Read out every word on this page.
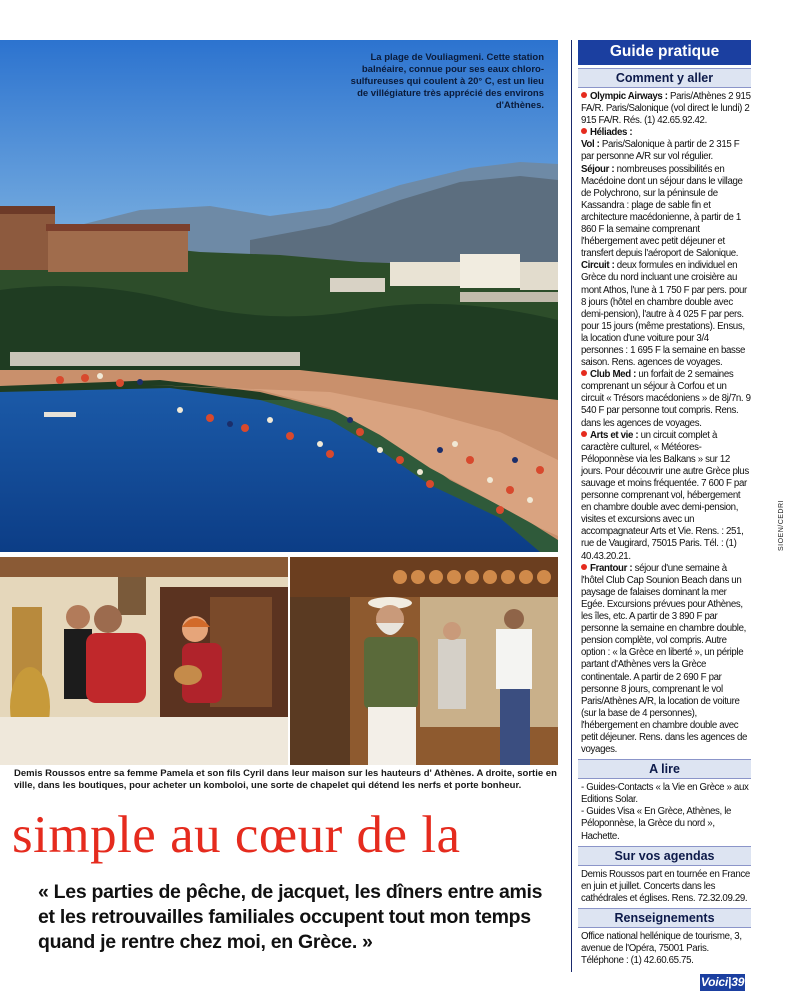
La plage de Vouliagmeni. Cette station balnéaire, connue pour ses eaux chloro-sulfureuses qui coulent à 20° C, est un lieu de villégiature très apprécié des environs d'Athènes.
SIOEN/CEDRI
Demis Roussos entre sa femme Pamela et son fils Cyril dans leur maison sur les hauteurs d' Athènes. A droite, sortie en ville, dans les boutiques, pour acheter un komboloi, une sorte de chapelet qui détend les nerfs et porte bonheur.
simple au cœur de la
« Les parties de pêche, de jacquet, les dîners entre amis et les retrouvailles familiales occupent tout mon temps quand je rentre chez moi, en Grèce. »
Guide pratique
Comment y aller

Olympic Airways : Paris/Athènes 2 915 FA/R. Paris/Salonique (vol direct le lundi) 2 915 FA/R. Rés. (1) 42.65.92.42.

Héliades :

Vol : Paris/Salonique à partir de 2 315 F par personne A/R sur vol régulier.

Séjour : nombreuses possibilités en Macédoine dont un séjour dans le village de Polychrono, sur la péninsule de Kassandra : plage de sable fin et architecture macédonienne, à partir de 1 860 F la semaine comprenant l'hébergement avec petit déjeuner et transfert depuis l'aéroport de Salonique.

Circuit : deux formules en individuel en Grèce du nord incluant une croisière au mont Athos, l'une à 1 750 F par pers. pour 8 jours (hôtel en chambre double avec demi-pension), l'autre à 4 025 F par pers. pour 15 jours (même prestations). Ensus, la location d'une voiture pour 3/4 personnes : 1 695 F la semaine en basse saison. Rens. agences de voyages.

Club Med : un forfait de 2 semaines comprenant un séjour à Corfou et un circuit « Trésors macédoniens » de 8j/7n. 9 540 F par personne tout compris. Rens. dans les agences de voyages.

Arts et vie : un circuit complet à caractère culturel, « Météores-Péloponnèse via les Balkans » sur 12 jours. Pour découvrir une autre Grèce plus sauvage et moins fréquentée. 7 600 F par personne comprenant vol, hébergement en chambre double avec demi-pension, visites et excursions avec un accompagnateur Arts et Vie. Rens. : 251, rue de Vaugirard, 75015 Paris. Tél. : (1) 40.43.20.21.

Frantour : séjour d'une semaine à l'hôtel Club Cap Sounion Beach dans un paysage de falaises dominant la mer Egée. Excursions prévues pour Athènes, les îles, etc. A partir de 3 890 F par personne la semaine en chambre double, pension complète, vol compris. Autre option : « la Grèce en liberté », un périple partant d'Athènes vers la Grèce continentale. A partir de 2 690 F par personne 8 jours, comprenant le vol Paris/Athènes A/R, la location de voiture (sur la base de 4 personnes), l'hébergement en chambre double avec petit déjeuner. Rens. dans les agences de voyages.

A lire

- Guides-Contacts « la Vie en Grèce » aux Editions Solar.

- Guides Visa « En Grèce, Athènes, le Péloponnèse, la Grèce du nord », Hachette.

Sur vos agendas

Demis Roussos part en tournée en France en juin et juillet. Concerts dans les cathédrales et églises. Rens. 72.32.09.29.

Renseignements

Office national hellénique de tourisme, 3, avenue de l'Opéra, 75001 Paris. Téléphone : (1) 42.60.65.75.

Voici|39
